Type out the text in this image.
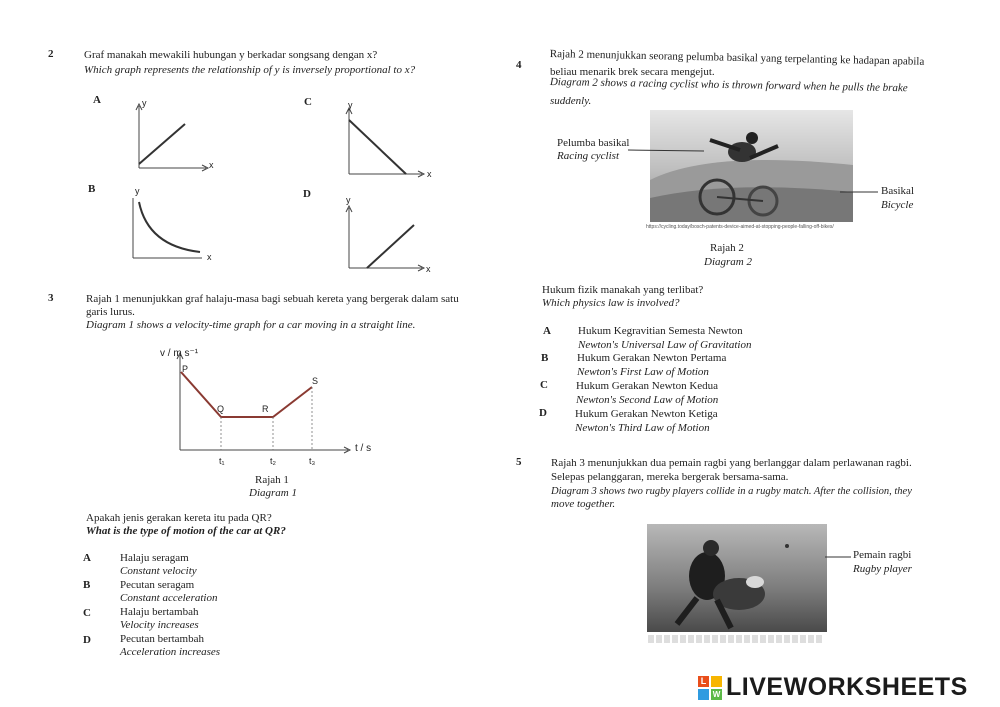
2	Graf manakah mewakili hubungan y berkadar songsang dengan x?
Which graph represents the relationship of y is inversely proportional to x?
A	y
x
B	y
x
C	y
x
D	y
x
3	Rajah 1 menunjukkan graf halaju-masa bagi sebuah kereta yang bergerak dalam satu
garis lurus.
Diagram 1 shows a velocity-time graph for a car moving in a straight line.
v / m s⁻¹
t / s
P
Q	R
S
t₁	t₂	t₃
Rajah 1
Diagram 1
Apakah jenis gerakan kereta itu pada QR?
What is the type of motion of the car at QR?
A	Halaju seragam
Constant velocity
B	Pecutan seragam
Constant acceleration
C	Halaju bertambah
Velocity increases
D	Pecutan bertambah
Acceleration increases
4	Rajah 2 menunjukkan seorang pelumba basikal yang terpelanting ke hadapan apabila
beliau menarik brek secara mengejut.
Diagram 2 shows a racing cyclist who is thrown forward when he pulls the brake
suddenly.
Pelumba basikal
Racing cyclist
Basikal
Bicycle
https://cycling.today/bosch-patents-device-aimed-at-stopping-people-falling-off-bikes/
Rajah 2
Diagram 2
Hukum fizik manakah yang terlibat?
Which physics law is involved?
A Hukum Kegravitian Semesta Newton
Newton's Universal Law of Gravitation
B	Hukum Gerakan Newton Pertama
Newton's First Law of Motion
C	Hukum Gerakan Newton Kedua
Newton's Second Law of Motion
D	Hukum Gerakan Newton Ketiga
Newton's Third Law of Motion
5	Rajah 3 menunjukkan dua pemain ragbi yang berlanggar dalam perlawanan ragbi.
Selepas pelanggaran, mereka bergerak bersama-sama.
Diagram 3 shows two rugby players collide in a rugby match. After the collision, they
move together.
Pemain ragbi
Rugby player
L
W LIVEWORKSHEETS
